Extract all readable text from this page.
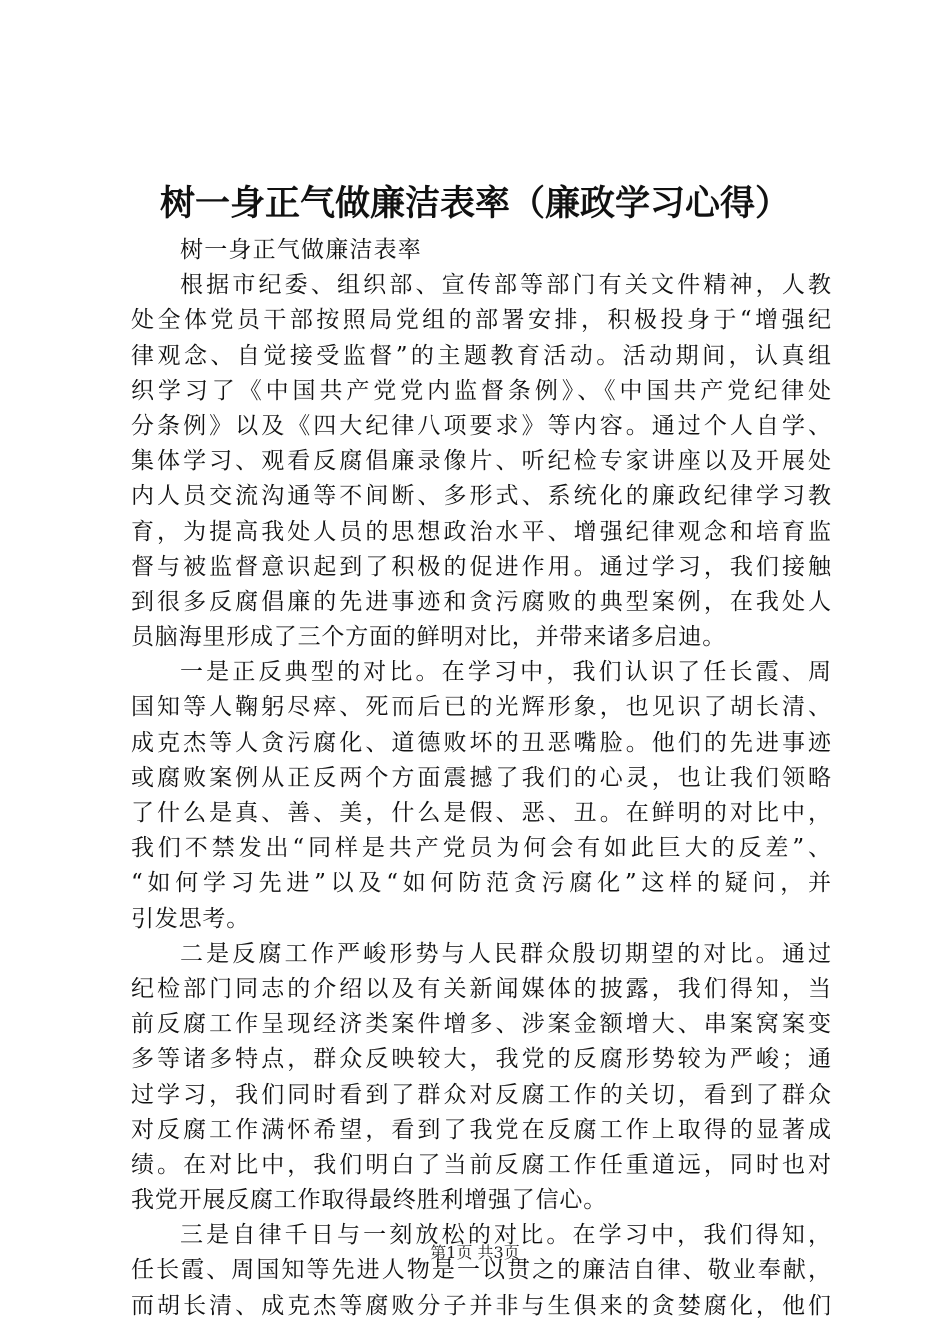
树一身正气做廉洁表率（廉政学习心得）
树一身正气做廉洁表率
根据市纪委、组织部、宣传部等部门有关文件精神，人教
处全体党员干部按照局党组的部署安排，积极投身于“增强纪
律观念、自觉接受监督”的主题教育活动。活动期间，认真组
织学习了《中国共产党党内监督条例》、《中国共产党纪律处
分条例》以及《四大纪律八项要求》等内容。通过个人自学、
集体学习、观看反腐倡廉录像片、听纪检专家讲座以及开展处
内人员交流沟通等不间断、多形式、系统化的廉政纪律学习教
育，为提高我处人员的思想政治水平、增强纪律观念和培育监
督与被监督意识起到了积极的促进作用。通过学习，我们接触
到很多反腐倡廉的先进事迹和贪污腐败的典型案例，在我处人
员脑海里形成了三个方面的鲜明对比，并带来诸多启迪。
一是正反典型的对比。在学习中，我们认识了任长霞、周
国知等人鞠躬尽瘁、死而后已的光辉形象，也见识了胡长清、
成克杰等人贪污腐化、道德败坏的丑恶嘴脸。他们的先进事迹
或腐败案例从正反两个方面震撼了我们的心灵，也让我们领略
了什么是真、善、美，什么是假、恶、丑。在鲜明的对比中，
我们不禁发出“同样是共产党员为何会有如此巨大的反差”、
“如何学习先进”以及“如何防范贪污腐化”这样的疑问，并
引发思考。
二是反腐工作严峻形势与人民群众殷切期望的对比。通过
纪检部门同志的介绍以及有关新闻媒体的披露，我们得知，当
前反腐工作呈现经济类案件增多、涉案金额增大、串案窝案变
多等诸多特点，群众反映较大，我党的反腐形势较为严峻；通
过学习，我们同时看到了群众对反腐工作的关切，看到了群众
对反腐工作满怀希望，看到了我党在反腐工作上取得的显著成
绩。在对比中，我们明白了当前反腐工作任重道远，同时也对
我党开展反腐工作取得最终胜利增强了信心。
三是自律千日与一刻放松的对比。在学习中，我们得知，
任长霞、周国知等先进人物是一以贯之的廉洁自律、敬业奉献，
而胡长清、成克杰等腐败分子并非与生俱来的贪婪腐化，他们
第1页 共3页
